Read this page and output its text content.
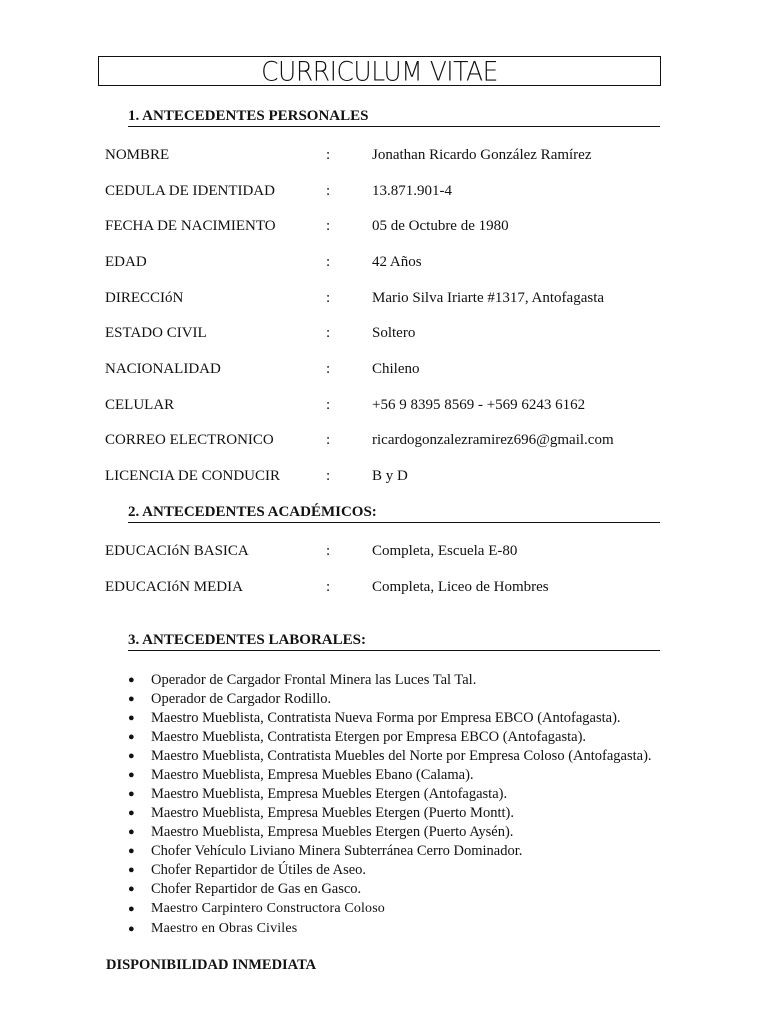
CURRICULUM VITAE
1. ANTECEDENTES PERSONALES
NOMBRE	:	Jonathan Ricardo González Ramírez
CEDULA DE IDENTIDAD	:	13.871.901-4
FECHA DE NACIMIENTO	:	05 de Octubre de 1980
EDAD	:	42 Años
DIRECCIóN	:	Mario Silva Iriarte #1317, Antofagasta
ESTADO CIVIL	:	Soltero
NACIONALIDAD	:	Chileno
CELULAR	:	+56 9 8395 8569 - +569 6243 6162
CORREO ELECTRONICO	:	ricardogonzalezramirez696@gmail.com
LICENCIA DE CONDUCIR	:	B y D
2. ANTECEDENTES ACADÉMICOS:
EDUCACIóN BASICA	:	Completa, Escuela E-80
EDUCACIóN MEDIA	:	Completa, Liceo de Hombres
3. ANTECEDENTES LABORALES:
● Operador de Cargador Frontal Minera las Luces Tal Tal.
● Operador de Cargador Rodillo.
● Maestro Mueblista, Contratista Nueva Forma por Empresa EBCO (Antofagasta).
● Maestro Mueblista, Contratista Etergen por Empresa EBCO (Antofagasta).
● Maestro Mueblista, Contratista Muebles del Norte por Empresa Coloso (Antofagasta).
● Maestro Mueblista, Empresa Muebles Ebano (Calama).
● Maestro Mueblista, Empresa Muebles Etergen (Antofagasta).
● Maestro Mueblista, Empresa Muebles Etergen (Puerto Montt).
● Maestro Mueblista, Empresa Muebles Etergen (Puerto Aysén).
● Chofer Vehículo Liviano Minera Subterránea Cerro Dominador.
● Chofer Repartidor de Útiles de Aseo.
● Chofer Repartidor de Gas en Gasco.
● Maestro Carpintero Constructora Coloso
● Maestro en Obras Civiles
DISPONIBILIDAD INMEDIATA
